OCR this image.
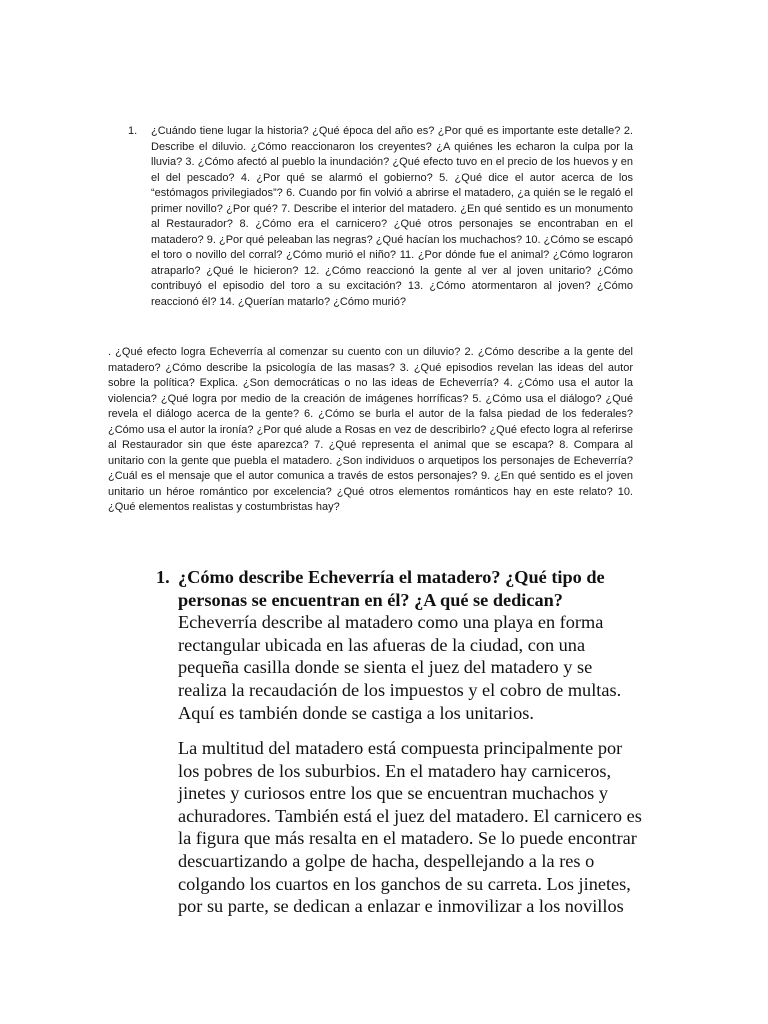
1. ¿Cuándo tiene lugar la historia? ¿Qué época del año es? ¿Por qué es importante este detalle? 2. Describe el diluvio. ¿Cómo reaccionaron los creyentes? ¿A quiénes les echaron la culpa por la lluvia? 3. ¿Cómo afectó al pueblo la inundación? ¿Qué efecto tuvo en el precio de los huevos y en el del pescado? 4. ¿Por qué se alarmó el gobierno? 5. ¿Qué dice el autor acerca de los “estómagos privilegiados”? 6. Cuando por fin volvió a abrirse el matadero, ¿a quién se le regaló el primer novillo? ¿Por qué? 7. Describe el interior del matadero. ¿En qué sentido es un monumento al Restaurador? 8. ¿Cómo era el carnicero? ¿Qué otros personajes se encontraban en el matadero? 9. ¿Por qué peleaban las negras? ¿Qué hacían los muchachos? 10. ¿Cómo se escapó el toro o novillo del corral? ¿Cómo murió el niño? 11. ¿Por dónde fue el animal? ¿Cómo lograron atraparlo? ¿Qué le hicieron? 12. ¿Cómo reaccionó la gente al ver al joven unitario? ¿Cómo contribuyó el episodio del toro a su excitación? 13. ¿Cómo atormentaron al joven? ¿Cómo reaccionó él? 14. ¿Querían matarlo? ¿Cómo murió?
. ¿Qué efecto logra Echeverría al comenzar su cuento con un diluvio? 2. ¿Cómo describe a la gente del matadero? ¿Cómo describe la psicología de las masas? 3. ¿Qué episodios revelan las ideas del autor sobre la política? Explica. ¿Son democráticas o no las ideas de Echeverría? 4. ¿Cómo usa el autor la violencia? ¿Qué logra por medio de la creación de imágenes horríficas? 5. ¿Cómo usa el diálogo? ¿Qué revela el diálogo acerca de la gente? 6. ¿Cómo se burla el autor de la falsa piedad de los federales? ¿Cómo usa el autor la ironía? ¿Por qué alude a Rosas en vez de describirlo? ¿Qué efecto logra al referirse al Restaurador sin que éste aparezca? 7. ¿Qué representa el animal que se escapa? 8. Compara al unitario con la gente que puebla el matadero. ¿Son individuos o arquetipos los personajes de Echeverría? ¿Cuál es el mensaje que el autor comunica a través de estos personajes? 9. ¿En qué sentido es el joven unitario un héroe romántico por excelencia? ¿Qué otros elementos románticos hay en este relato? 10. ¿Qué elementos realistas y costumbristas hay?
1. ¿Cómo describe Echeverría el matadero? ¿Qué tipo de personas se encuentran en él? ¿A qué se dedican?

Echeverría describe al matadero como una playa en forma rectangular ubicada en las afueras de la ciudad, con una pequeña casilla donde se sienta el juez del matadero y se realiza la recaudación de los impuestos y el cobro de multas. Aquí es también donde se castiga a los unitarios.

La multitud del matadero está compuesta principalmente por los pobres de los suburbios. En el matadero hay carniceros, jinetes y curiosos entre los que se encuentran muchachos y achuradores. También está el juez del matadero. El carnicero es la figura que más resalta en el matadero. Se lo puede encontrar descuartizando a golpe de hacha, despellejando a la res o colgando los cuartos en los ganchos de su carreta. Los jinetes, por su parte, se dedican a enlazar e inmovilizar a los novillos
